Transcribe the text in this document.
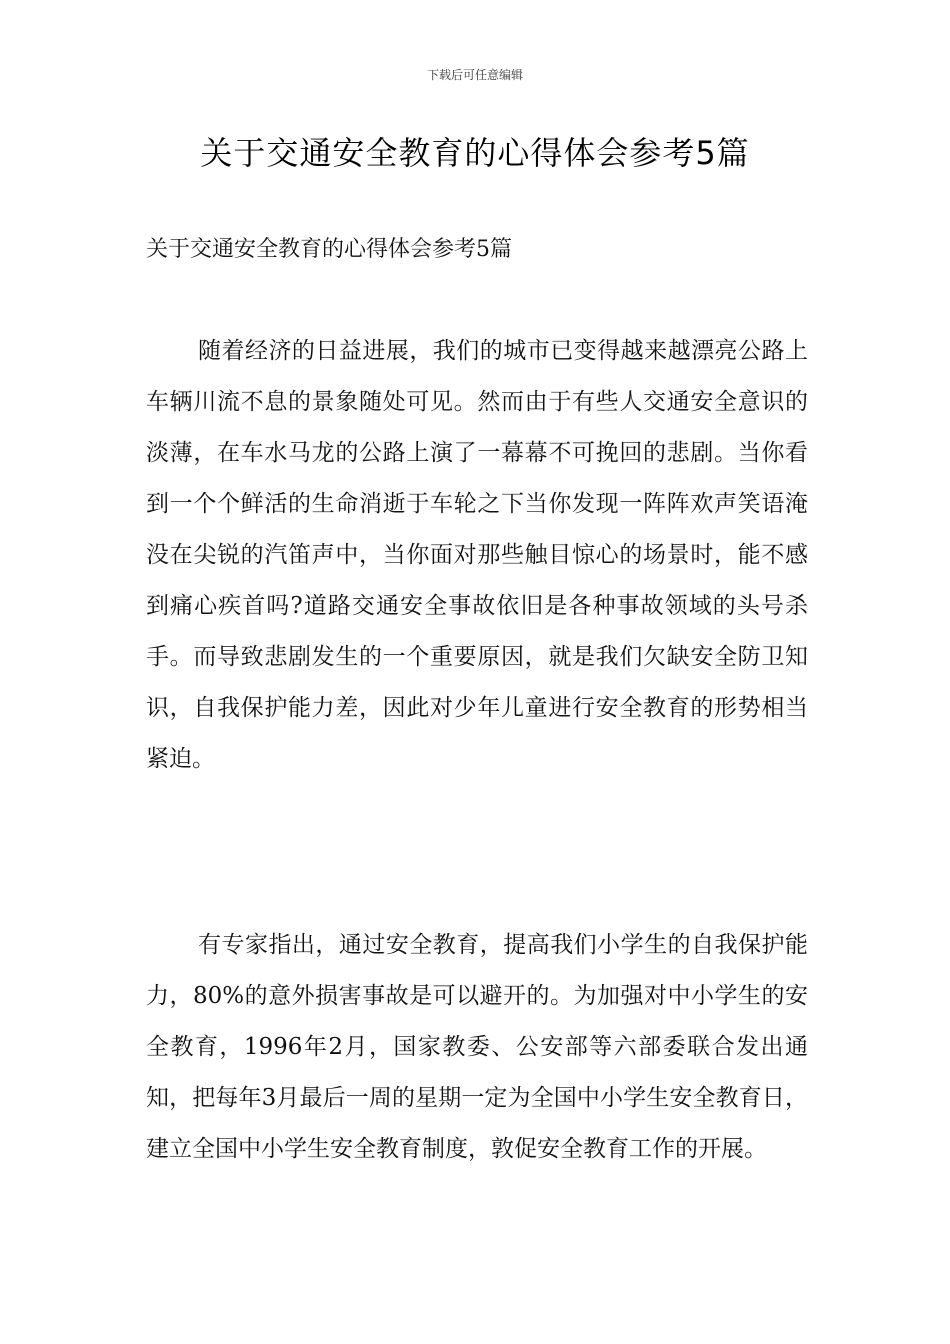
下载后可任意编辑
关于交通安全教育的心得体会参考5篇

关于交通安全教育的心得体会参考5篇

随着经济的日益进展，我们的城市已变得越来越漂亮公路上车辆川流不息的景象随处可见。然而由于有些人交通安全意识的淡薄，在车水马龙的公路上演了一幕幕不可挽回的悲剧。当你看到一个个鲜活的生命消逝于车轮之下当你发现一阵阵欢声笑语淹没在尖锐的汽笛声中，当你面对那些触目惊心的场景时，能不感到痛心疾首吗?道路交通安全事故依旧是各种事故领域的头号杀手。而导致悲剧发生的一个重要原因，就是我们欠缺安全防卫知识，自我保护能力差，因此对少年儿童进行安全教育的形势相当紧迫。

有专家指出，通过安全教育，提高我们小学生的自我保护能力，80%的意外损害事故是可以避开的。为加强对中小学生的安全教育，1996年2月，国家教委、公安部等六部委联合发出通知，把每年3月最后一周的星期一定为全国中小学生安全教育日，建立全国中小学生安全教育制度，敦促安全教育工作的开展。
